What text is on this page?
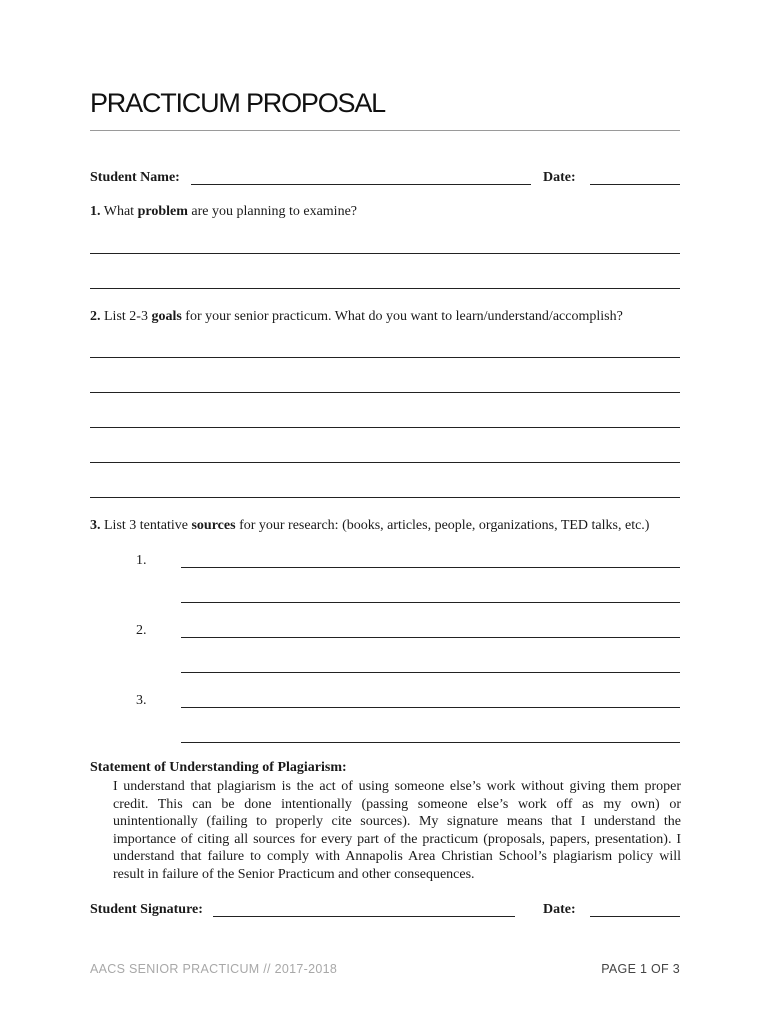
PRACTICUM PROPOSAL
Student Name:	Date:
1. What problem are you planning to examine?
2. List 2-3 goals for your senior practicum. What do you want to learn/understand/accomplish?
3. List 3 tentative sources for your research: (books, articles, people, organizations, TED talks, etc.)
1.
2.
3.
Statement of Understanding of Plagiarism:
I understand that plagiarism is the act of using someone else’s work without giving them proper credit. This can be done intentionally (passing someone else’s work off as my own) or unintentionally (failing to properly cite sources). My signature means that I understand the importance of citing all sources for every part of the practicum (proposals, papers, presentation). I understand that failure to comply with Annapolis Area Christian School’s plagiarism policy will result in failure of the Senior Practicum and other consequences.
Student Signature:	Date:
AACS SENIOR PRACTICUM // 2017-2018	PAGE 1 OF 3
